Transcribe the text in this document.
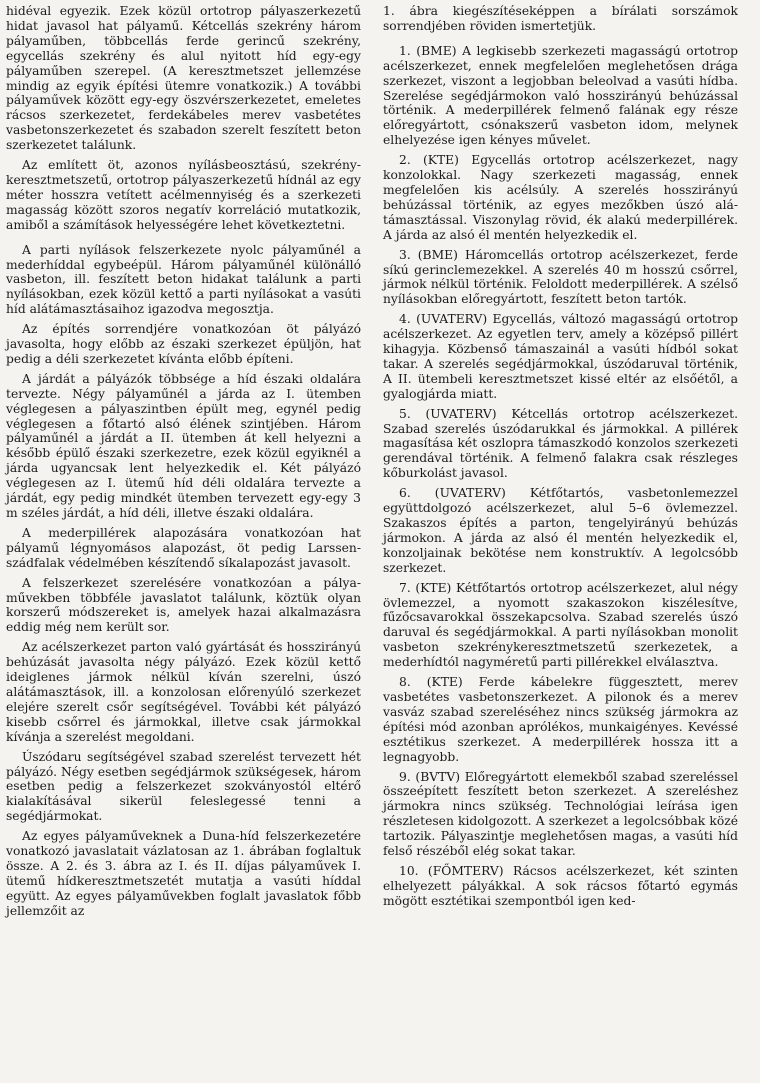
hidéval egyezik. Ezek közül ortotrop pályaszerkezetű hidat javasol hat pályamű. Kétcellás szekrény három pályaműben, többcellás ferde gerincű szekrény, egycellás szekrény és alul nyitott híd egy-egy pályaműben szerepel. (A keresztmetszet jellemzése mindig az egyik építési ütemre vonatkozik.) A további pályaművek között egy-egy öszvérszerkezetet, emeletes rácsos szerkezetet, ferdekábeles merev vasbetétes vasbetonszerkezetet és szabadon szerelt feszített beton szerkezetet találunk.

Az említett öt, azonos nyílásbeosztású, szekrénykeresztmetszetű, ortotrop pályaszerkezetű hídnál az egy méter hosszra vetített acélmennyiség és a szerkezeti magasság között szoros negatív korreláció mutatkozik, amiből a számítások helyességére lehet következtetni.

A parti nyílások felszerkezete nyolc pályaműnél a mederhíddal egybeépül. Három pályaműnél különálló vasbeton, ill. feszített beton hidakat találunk a parti nyílásokban, ezek közül kettő a parti nyílásokat a vasúti híd alátámasztásaihoz igazodva megosztja.

Az építés sorrendjére vonatkozóan öt pályázó javasolta, hogy előbb az északi szerkezet épüljön, hat pedig a déli szerkezetet kívánta előbb építeni.

A járdát a pályázók többsége a híd északi oldalára tervezte. Négy pályaműnél a járda az I. ütemben véglegesen a pályaszintben épült meg, egynél pedig véglegesen a főtartó alsó élének szintjében. Három pályaműnél a járdát a II. ütemben át kell helyezni a később épülő északi szerkezetre, ezek közül egyiknél a járda ugyancsak lent helyezkedik el. Két pályázó véglegesen az I. ütemű híd déli oldalára tervezte a járdát, egy pedig mindkét ütemben tervezett egy-egy 3 m széles járdát, a híd déli, illetve északi oldalára.

A mederpillérek alapozására vonatkozóan hat pályamű légnyomásos alapozást, öt pedig Larssenszádfalak védelmében készítendő síkalapozást javasolt.

A felszerkezet szerelésére vonatkozóan a pályaművekben többféle javaslatot találunk, köztük olyan korszerű módszereket is, amelyek hazai alkalmazásra eddig még nem került sor.

Az acélszerkezet parton való gyártását és hosszirányú behúzását javasolta négy pályázó. Ezek közül kettő ideiglenes jármok nélkül kíván szerelni, úszó alátámasztások, ill. a konzolosan előrenyúló szerkezet elejére szerelt csőr segítségével. További két pályázó kisebb csőrrel és jármokkal, illetve csak jármokkal kívánja a szerelést megoldani.

Úszódaru segítségével szabad szerelést tervezett hét pályázó. Négy esetben segédjármok szükségesek, három esetben pedig a felszerkezet szokványostól eltérő kialakításával sikerül feleslegessé tenni a segédjármokat.

Az egyes pályaműveknek a Duna-híd felszerkezetére vonatkozó javaslatait vázlatosan az 1. ábrában foglaltuk össze. A 2. és 3. ábra az I. és II. díjas pályaművek I. ütemű hídkeresztmetszetét mutatja a vasúti híddal együtt. Az egyes pályaművekben foglalt javaslatok főbb jellemzőit az

1. ábra kiegészítéseképpen a bírálati sorszámok sorrendjében röviden ismertetjük.

1. (BME) A legkisebb szerkezeti magasságú ortotrop acélszerkezet, ennek megfelelően meglehetősen drága szerkezet, viszont a legjobban beleolvad a vasúti hídba. Szerelése segédjármokon való hosszirányú behúzással történik. A mederpillérek felmenő falának egy része előregyártott, csónakszerű vasbeton idom, melynek elhelyezése igen kényes művelet.

2. (KTE) Egycellás ortotrop acélszerkezet, nagy konzolokkal. Nagy szerkezeti magasság, ennek megfelelően kis acélsúly. A szerelés hosszirányú behúzással történik, az egyes mezőkben úszó alátámasztással. Viszonylag rövid, ék alakú mederpillérek. A járda az alsó él mentén helyezkedik el.

3. (BME) Háromcellás ortotrop acélszerkezet, ferde síkú gerinclemezekkel. A szerelés 40 m hosszú csőrrel, jármok nélkül történik. Feloldott mederpillérek. A szélső nyílásokban előregyártott, feszített beton tartók.

4. (UVATERV) Egycellás, változó magasságú ortotrop acélszerkezet. Az egyetlen terv, amely a középső pillért kihagyja. Közbenső támaszainál a vasúti hídból sokat takar. A szerelés segédjármokkal, úszódaruval történik, A II. ütembeli keresztmetszet kissé eltér az elsőétől, a gyalogjárda miatt.

5. (UVATERV) Kétcellás ortotrop acélszerkezet. Szabad szerelés úszódarukkal és jármokkal. A pillérek magasítása két oszlopra támaszkodó konzolos szerkezeti gerendával történik. A felmenő falakra csak részleges kőburkolást javasol.

6. (UVATERV) Kétfőtartós, vasbetonlemezzel együttdolgozó acélszerkezet, alul 5–6 övlemezzel. Szakaszos építés a parton, tengelyirányú behúzás jármokon. A járda az alsó él mentén helyezkedik el, konzoljainak bekötése nem konstruktív. A legolcsóbb szerkezet.

7. (KTE) Kétfőtartós ortotrop acélszerkezet, alul négy övlemezzel, a nyomott szakaszokon kiszélesítve, fűzőcsavarokkal összekapcsolva. Szabad szerelés úszó daruval és segédjármokkal. A parti nyílásokban monolit vasbeton szekrénykeresztmetszetű szerkezetek, a mederhídtól nagyméretű parti pillérekkel elválasztva.

8. (KTE) Ferde kábelekre függesztett, merev vasbetétes vasbetonszerkezet. A pilonok és a merev vasváz szabad szereléséhez nincs szükség jármokra az építési mód azonban aprólékos, munkaigényes. Kevéssé esztétikus szerkezet. A mederpillérek hossza itt a legnagyobb.

9. (BVTV) Előregyártott elemekből szabad szereléssel összeépített feszített beton szerkezet. A szereléshez jármokra nincs szükség. Technológiai leírása igen részletesen kidolgozott. A szerkezet a legolcsóbbak közé tartozik. Pályaszintje meglehetősen magas, a vasúti híd felső részéből elég sokat takar.

10. (FŐMTERV) Rácsos acélszerkezet, két szinten elhelyezett pályákkal. A sok rácsos főtartó egymás mögött esztétikai szempontból igen ked-
